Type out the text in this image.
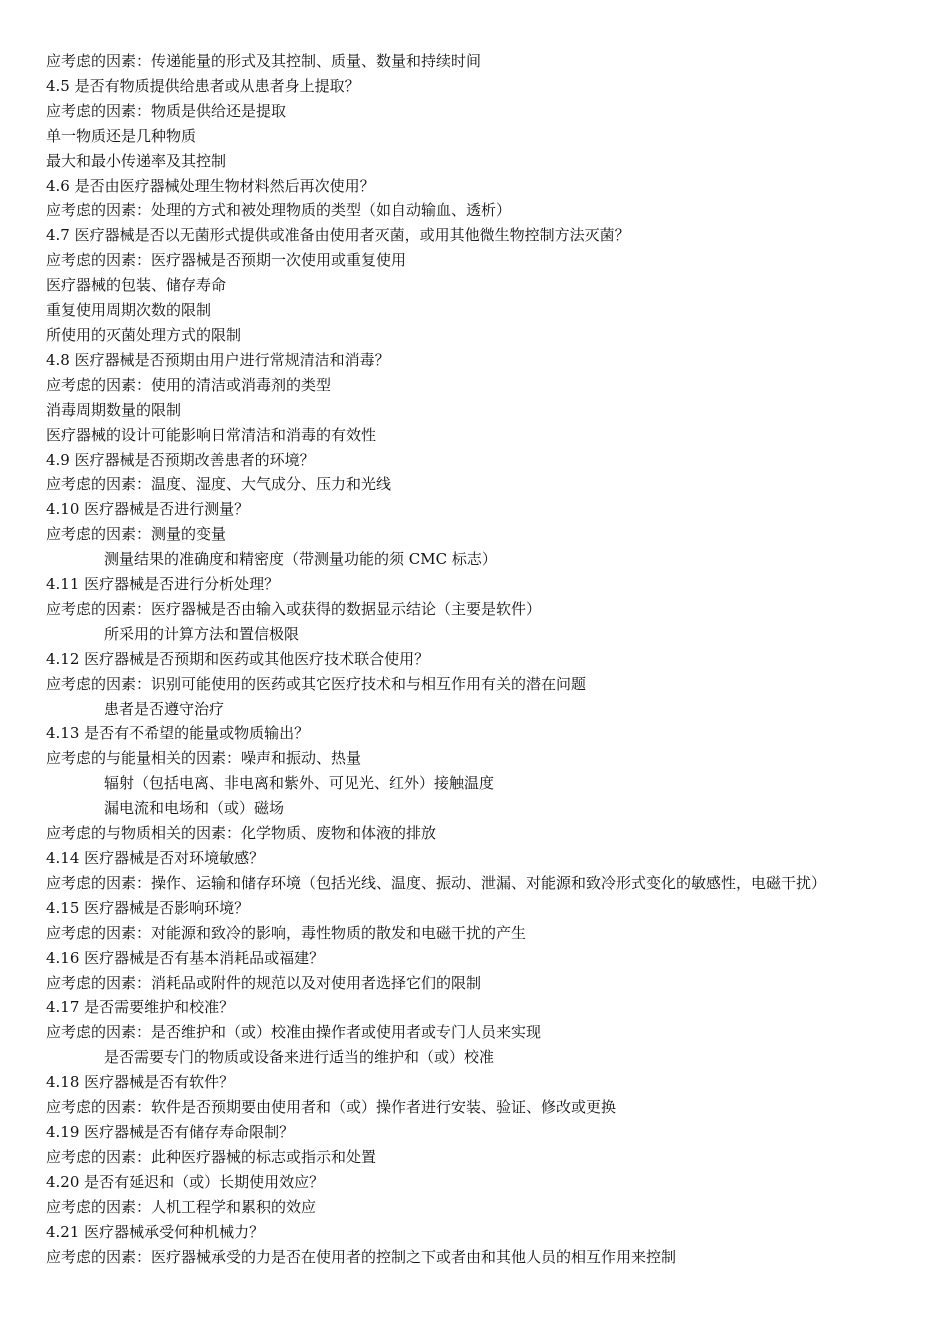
应考虑的因素：传递能量的形式及其控制、质量、数量和持续时间

4.5 是否有物质提供给患者或从患者身上提取？

应考虑的因素：物质是供给还是提取

单一物质还是几种物质

最大和最小传递率及其控制

4.6 是否由医疗器械处理生物材料然后再次使用？

应考虑的因素：处理的方式和被处理物质的类型（如自动输血、透析）

4.7 医疗器械是否以无菌形式提供或准备由使用者灭菌，或用其他微生物控制方法灭菌？

应考虑的因素：医疗器械是否预期一次使用或重复使用

医疗器械的包装、储存寿命

重复使用周期次数的限制

所使用的灭菌处理方式的限制

4.8 医疗器械是否预期由用户进行常规清洁和消毒？

应考虑的因素：使用的清洁或消毒剂的类型

消毒周期数量的限制

医疗器械的设计可能影响日常清洁和消毒的有效性

4.9 医疗器械是否预期改善患者的环境？

应考虑的因素：温度、湿度、大气成分、压力和光线

4.10 医疗器械是否进行测量？

应考虑的因素：测量的变量

测量结果的准确度和精密度（带测量功能的须 CMC 标志）

4.11 医疗器械是否进行分析处理？

应考虑的因素：医疗器械是否由输入或获得的数据显示结论（主要是软件）

所采用的计算方法和置信极限

4.12 医疗器械是否预期和医药或其他医疗技术联合使用？

应考虑的因素：识别可能使用的医药或其它医疗技术和与相互作用有关的潜在问题

患者是否遵守治疗

4.13 是否有不希望的能量或物质输出？

应考虑的与能量相关的因素：噪声和振动、热量

辐射（包括电离、非电离和紫外、可见光、红外）接触温度

漏电流和电场和（或）磁场

应考虑的与物质相关的因素：化学物质、废物和体液的排放

4.14 医疗器械是否对环境敏感？

应考虑的因素：操作、运输和储存环境（包括光线、温度、振动、泄漏、对能源和致冷形式变化的敏感性，电磁干扰）

4.15 医疗器械是否影响环境？

应考虑的因素：对能源和致冷的影响，毒性物质的散发和电磁干扰的产生

4.16 医疗器械是否有基本消耗品或福建？

应考虑的因素：消耗品或附件的规范以及对使用者选择它们的限制

4.17 是否需要维护和校准？

应考虑的因素：是否维护和（或）校准由操作者或使用者或专门人员来实现

是否需要专门的物质或设备来进行适当的维护和（或）校准

4.18 医疗器械是否有软件？

应考虑的因素：软件是否预期要由使用者和（或）操作者进行安装、验证、修改或更换

4.19 医疗器械是否有储存寿命限制？

应考虑的因素：此种医疗器械的标志或指示和处置

4.20 是否有延迟和（或）长期使用效应？

应考虑的因素：人机工程学和累积的效应

4.21 医疗器械承受何种机械力？

应考虑的因素：医疗器械承受的力是否在使用者的控制之下或者由和其他人员的相互作用来控制
